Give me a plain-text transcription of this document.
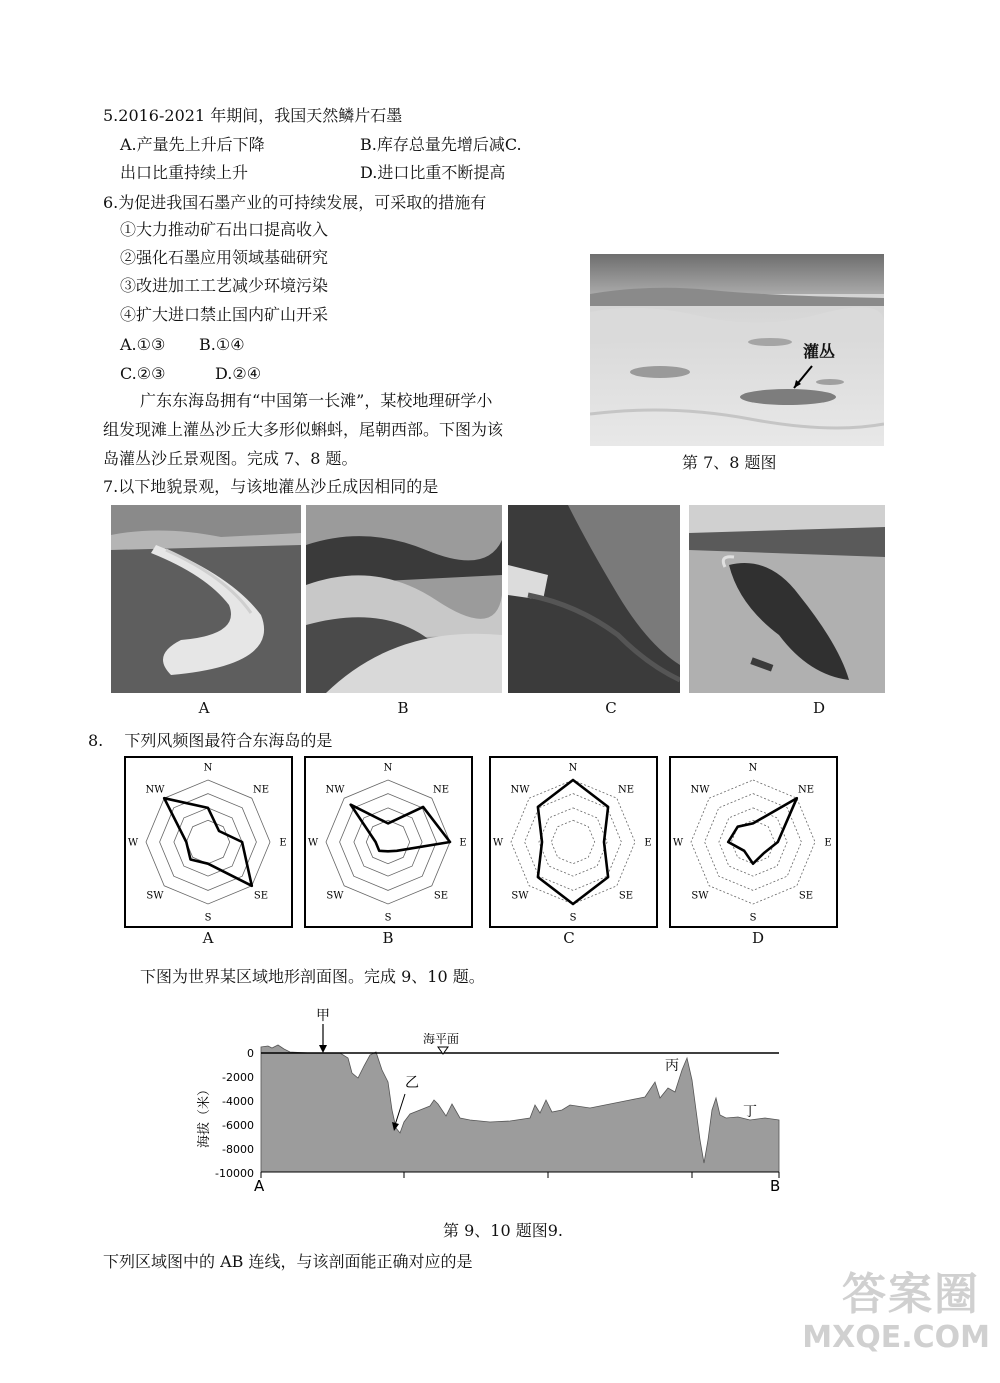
5.2016-2021 年期间，我国天然鳞片石墨
A.产量先上升后下降	B.库存总量先增后减C.
出口比重持续上升	D.进口比重不断提高
6.为促进我国石墨产业的可持续发展，可采取的措施有
①大力推动矿石出口提高收入
②强化石墨应用领域基础研究
③改进加工工艺减少环境污染
④扩大进口禁止国内矿山开采
A.①③ B.①④
C.②③	D.②④
广东东海岛拥有“中国第一长滩”，某校地理研学小
组发现滩上灌丛沙丘大多形似蝌蚪，尾朝西部。下图为该
岛灌丛沙丘景观图。完成 7、8 题。
灌丛
第 7、8 题图
7.以下地貌景观，与该地灌丛沙丘成因相同的是
A	B	C	D
8.　 下列风频图最符合东海岛的是
N
NE
E
SE
S
SW
W
NW
N
NE
E
SE
S
SW
W
NW
N
NE
E
SE
S
SW
W
NW
N
NE
E
SE
S
SW
W
NW
A	B	C	D
下图为世界某区域地形剖面图。完成 9、10 题。
0
-2000
-4000
-6000
-8000
-10000
海拔（米）
甲
海平面
乙
丙
丁
A	B
第 9、10 题图9.
下列区域图中的 AB 连线，与该剖面能正确对应的是
答案圈
MXQE.COM
